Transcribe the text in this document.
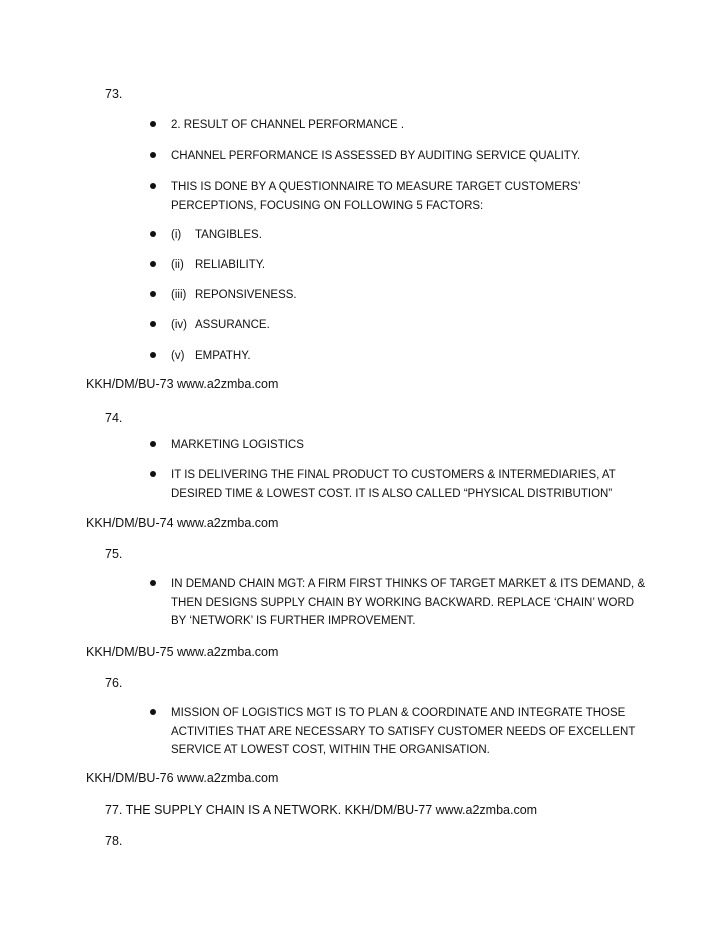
73.
2. RESULT OF CHANNEL PERFORMANCE .
CHANNEL PERFORMANCE IS ASSESSED BY AUDITING SERVICE QUALITY.
THIS IS DONE BY A QUESTIONNAIRE TO MEASURE TARGET CUSTOMERS’ PERCEPTIONS, FOCUSING ON FOLLOWING 5 FACTORS:
(i) TANGIBLES.
(ii) RELIABILITY.
(iii) REPONSIVENESS.
(iv) ASSURANCE.
(v) EMPATHY.
KKH/DM/BU-73 www.a2zmba.com
74.
MARKETING LOGISTICS
IT IS DELIVERING THE FINAL PRODUCT TO CUSTOMERS & INTERMEDIARIES, AT DESIRED TIME & LOWEST COST. IT IS ALSO CALLED “PHYSICAL DISTRIBUTION”
KKH/DM/BU-74 www.a2zmba.com
75.
IN DEMAND CHAIN MGT: A FIRM FIRST THINKS OF TARGET MARKET & ITS DEMAND, & THEN DESIGNS SUPPLY CHAIN BY WORKING BACKWARD. REPLACE ‘CHAIN’ WORD BY ‘NETWORK’ IS FURTHER IMPROVEMENT.
KKH/DM/BU-75 www.a2zmba.com
76.
MISSION OF LOGISTICS MGT IS TO PLAN & COORDINATE AND INTEGRATE THOSE ACTIVITIES THAT ARE NECESSARY TO SATISFY CUSTOMER NEEDS OF EXCELLENT SERVICE AT LOWEST COST, WITHIN THE ORGANISATION.
KKH/DM/BU-76 www.a2zmba.com
77. THE SUPPLY CHAIN IS A NETWORK. KKH/DM/BU-77 www.a2zmba.com
78.
